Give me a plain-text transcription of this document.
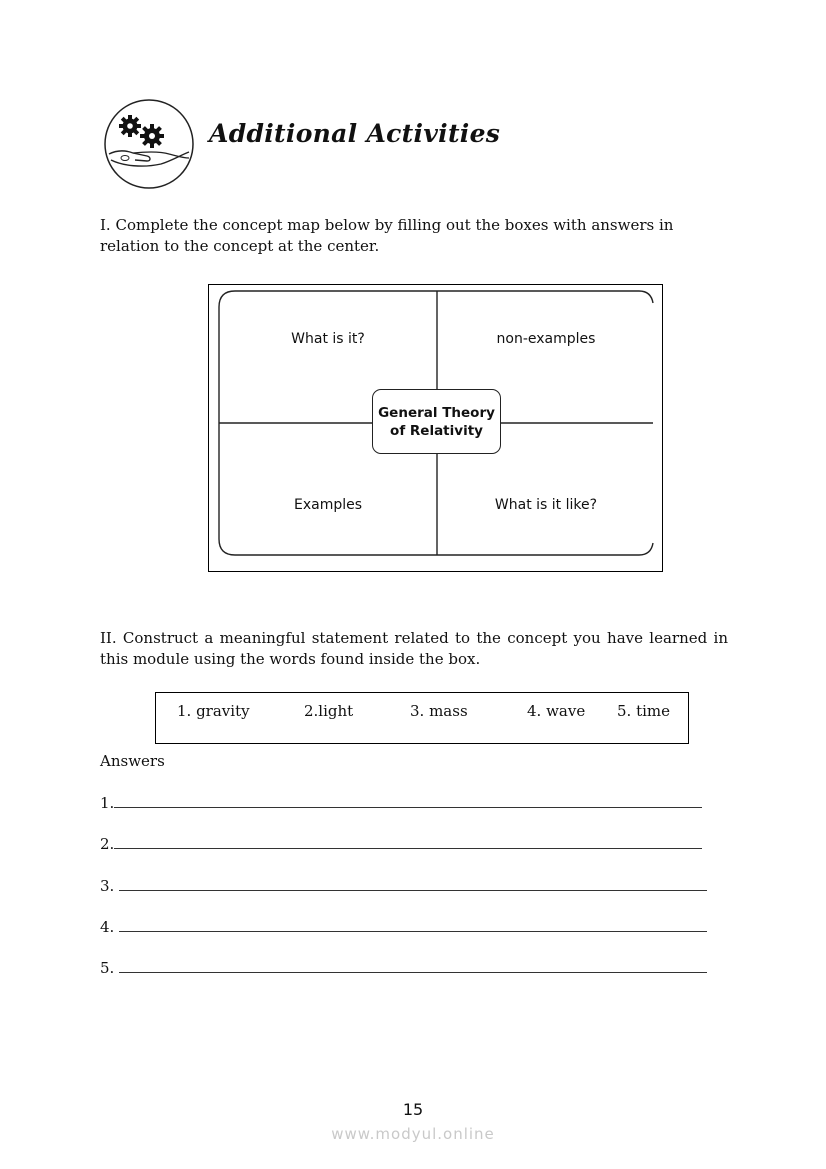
Additional Activities
I. Complete the concept map below by filling out the boxes with answers in relation to the concept at the center.
What is it?	non-examples
Examples	What is it like?
General Theory
of Relativity
II. Construct a meaningful statement related to the concept you have learned in this module using the words found inside the box.
1. gravity	2.light	3. mass	4. wave 5. time
Answers
1.
2.
3.
4.
5.
15
www.modyul.online
